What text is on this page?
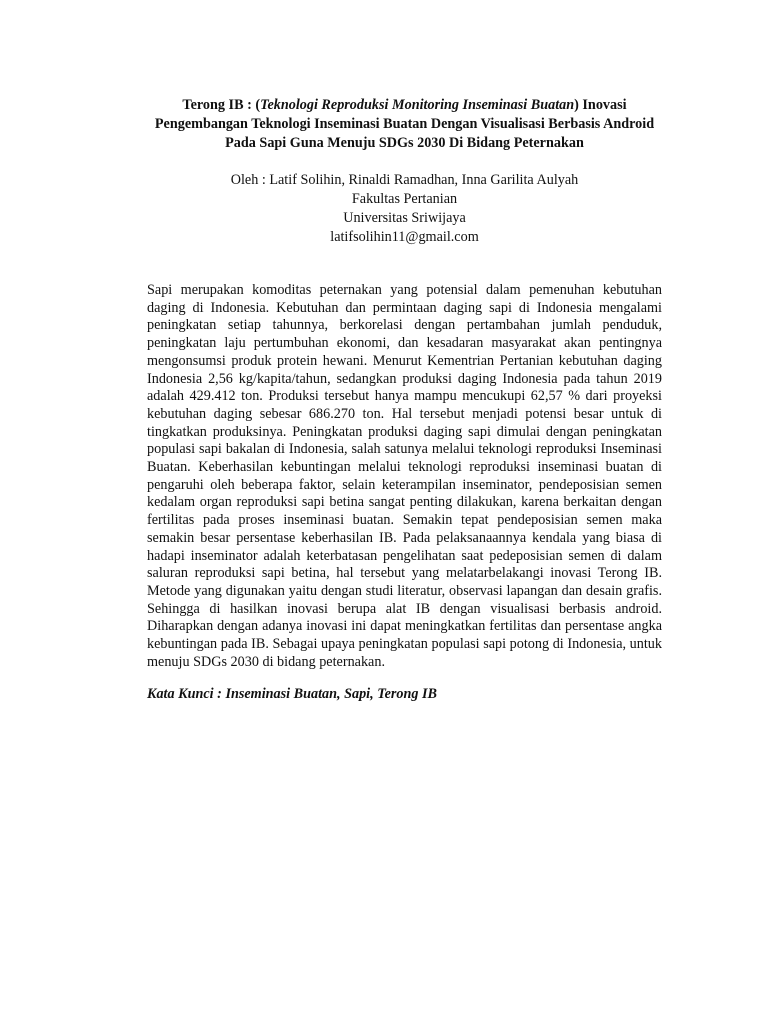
Terong IB : (Teknologi Reproduksi Monitoring Inseminasi Buatan) Inovasi Pengembangan Teknologi Inseminasi Buatan Dengan Visualisasi Berbasis Android Pada Sapi Guna Menuju SDGs 2030 Di Bidang Peternakan

Oleh : Latif Solihin, Rinaldi Ramadhan, Inna Garilita Aulyah
Fakultas Pertanian
Universitas Sriwijaya
latifsolihin11@gmail.com
Sapi merupakan komoditas peternakan yang potensial dalam pemenuhan kebutuhan daging di Indonesia. Kebutuhan dan permintaan daging sapi di Indonesia mengalami peningkatan setiap tahunnya, berkorelasi dengan pertambahan jumlah penduduk, peningkatan laju pertumbuhan ekonomi, dan kesadaran masyarakat akan pentingnya mengonsumsi produk protein hewani. Menurut Kementrian Pertanian kebutuhan daging Indonesia 2,56 kg/kapita/tahun, sedangkan produksi daging Indonesia pada tahun 2019 adalah 429.412 ton. Produksi tersebut hanya mampu mencukupi 62,57 % dari proyeksi kebutuhan daging sebesar 686.270 ton. Hal tersebut menjadi potensi besar untuk di tingkatkan produksinya. Peningkatan produksi daging sapi dimulai dengan peningkatan populasi sapi bakalan di Indonesia, salah satunya melalui teknologi reproduksi Inseminasi Buatan. Keberhasilan kebuntingan melalui teknologi reproduksi inseminasi buatan di pengaruhi oleh beberapa faktor, selain keterampilan inseminator, pendeposisian semen kedalam organ reproduksi sapi betina sangat penting dilakukan, karena berkaitan dengan fertilitas pada proses inseminasi buatan. Semakin tepat pendeposisian semen maka semakin besar persentase keberhasilan IB. Pada pelaksanaannya kendala yang biasa di hadapi inseminator adalah keterbatasan pengelihatan saat pedeposisian semen di dalam saluran reproduksi sapi betina, hal tersebut yang melatarbelakangi inovasi Terong IB. Metode yang digunakan yaitu dengan studi literatur, observasi lapangan dan desain grafis. Sehingga di hasilkan inovasi berupa alat IB dengan visualisasi berbasis android. Diharapkan dengan adanya inovasi ini dapat meningkatkan fertilitas dan persentase angka kebuntingan pada IB. Sebagai upaya peningkatan populasi sapi potong di Indonesia, untuk menuju SDGs 2030 di bidang peternakan.
Kata Kunci : Inseminasi Buatan, Sapi, Terong IB
